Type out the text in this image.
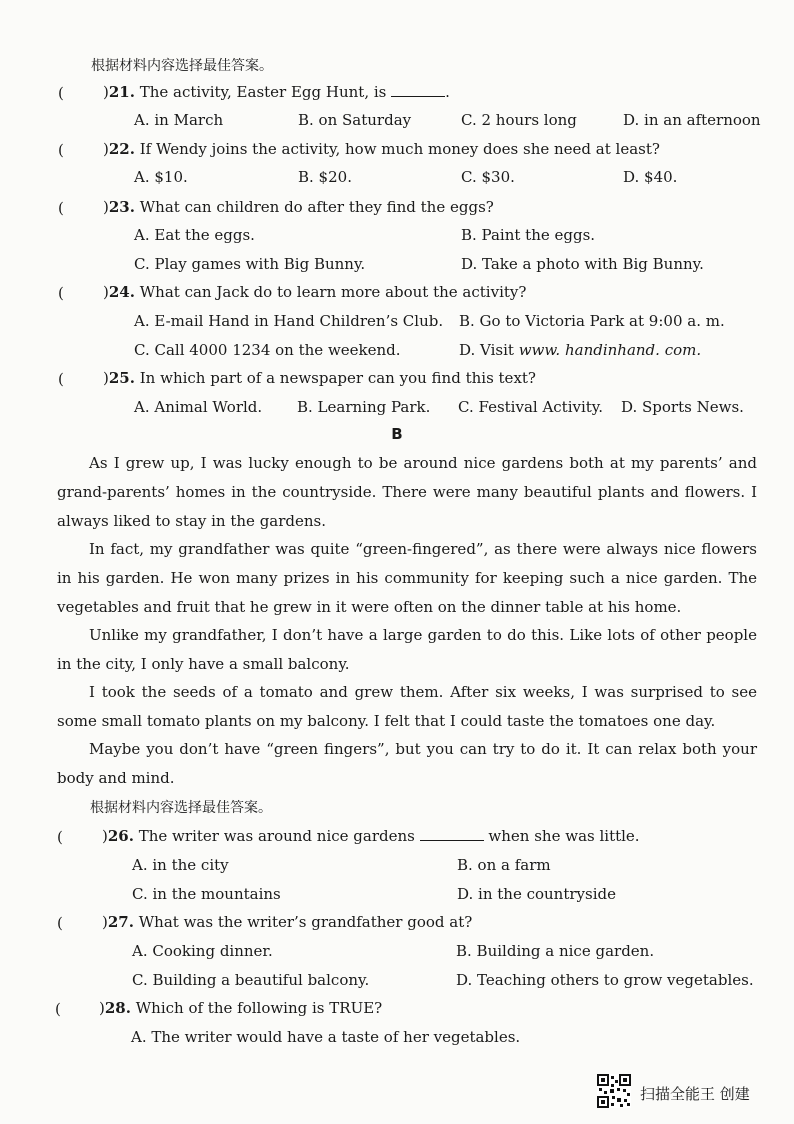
根据材料内容选择最佳答案。
(	)21. The activity, Easter Egg Hunt, is	.
A. in March	B. on Saturday	C. 2 hours long	D. in an afternoon
(	)22. If Wendy joins the activity, how much money does she need at least?
A. $10.	B. $20.	C. $30.	D. $40.
(	)23. What can children do after they find the eggs?
A. Eat the eggs.	B. Paint the eggs.
C. Play games with Big Bunny.	D. Take a photo with Big Bunny.
(	)24. What can Jack do to learn more about the activity?
A. E-mail Hand in Hand Children’s Club. B. Go to Victoria Park at 9:00 a. m.
C. Call 4000 1234 on the weekend.	D. Visit www. handinhand. com.
(	)25. In which part of a newspaper can you find this text?
A. Animal World. B. Learning Park. C. Festival Activity. D. Sports News.
B
As I grew up, I was lucky enough to be around nice gardens both at my parents’ and grand-parents’ homes in the countryside. There were many beautiful plants and flowers. I always liked to stay in the gardens.
In fact, my grandfather was quite “green-fingered”, as there were always nice flowers in his garden. He won many prizes in his community for keeping such a nice garden. The vegetables and fruit that he grew in it were often on the dinner table at his home.
Unlike my grandfather, I don’t have a large garden to do this. Like lots of other people in the city, I only have a small balcony.
I took the seeds of a tomato and grew them. After six weeks, I was surprised to see some small tomato plants on my balcony. I felt that I could taste the tomatoes one day.
Maybe you don’t have “green fingers”, but you can try to do it. It can relax both your body and mind.
根据材料内容选择最佳答案。
(	)26. The writer was around nice gardens	when she was little.
A. in the city	B. on a farm
C. in the mountains	D. in the countryside
(	)27. What was the writer’s grandfather good at?
A. Cooking dinner.	B. Building a nice garden.
C. Building a beautiful balcony.	D. Teaching others to grow vegetables.
(	)28. Which of the following is TRUE?
A. The writer would have a taste of her vegetables.
扫描全能王 创建
